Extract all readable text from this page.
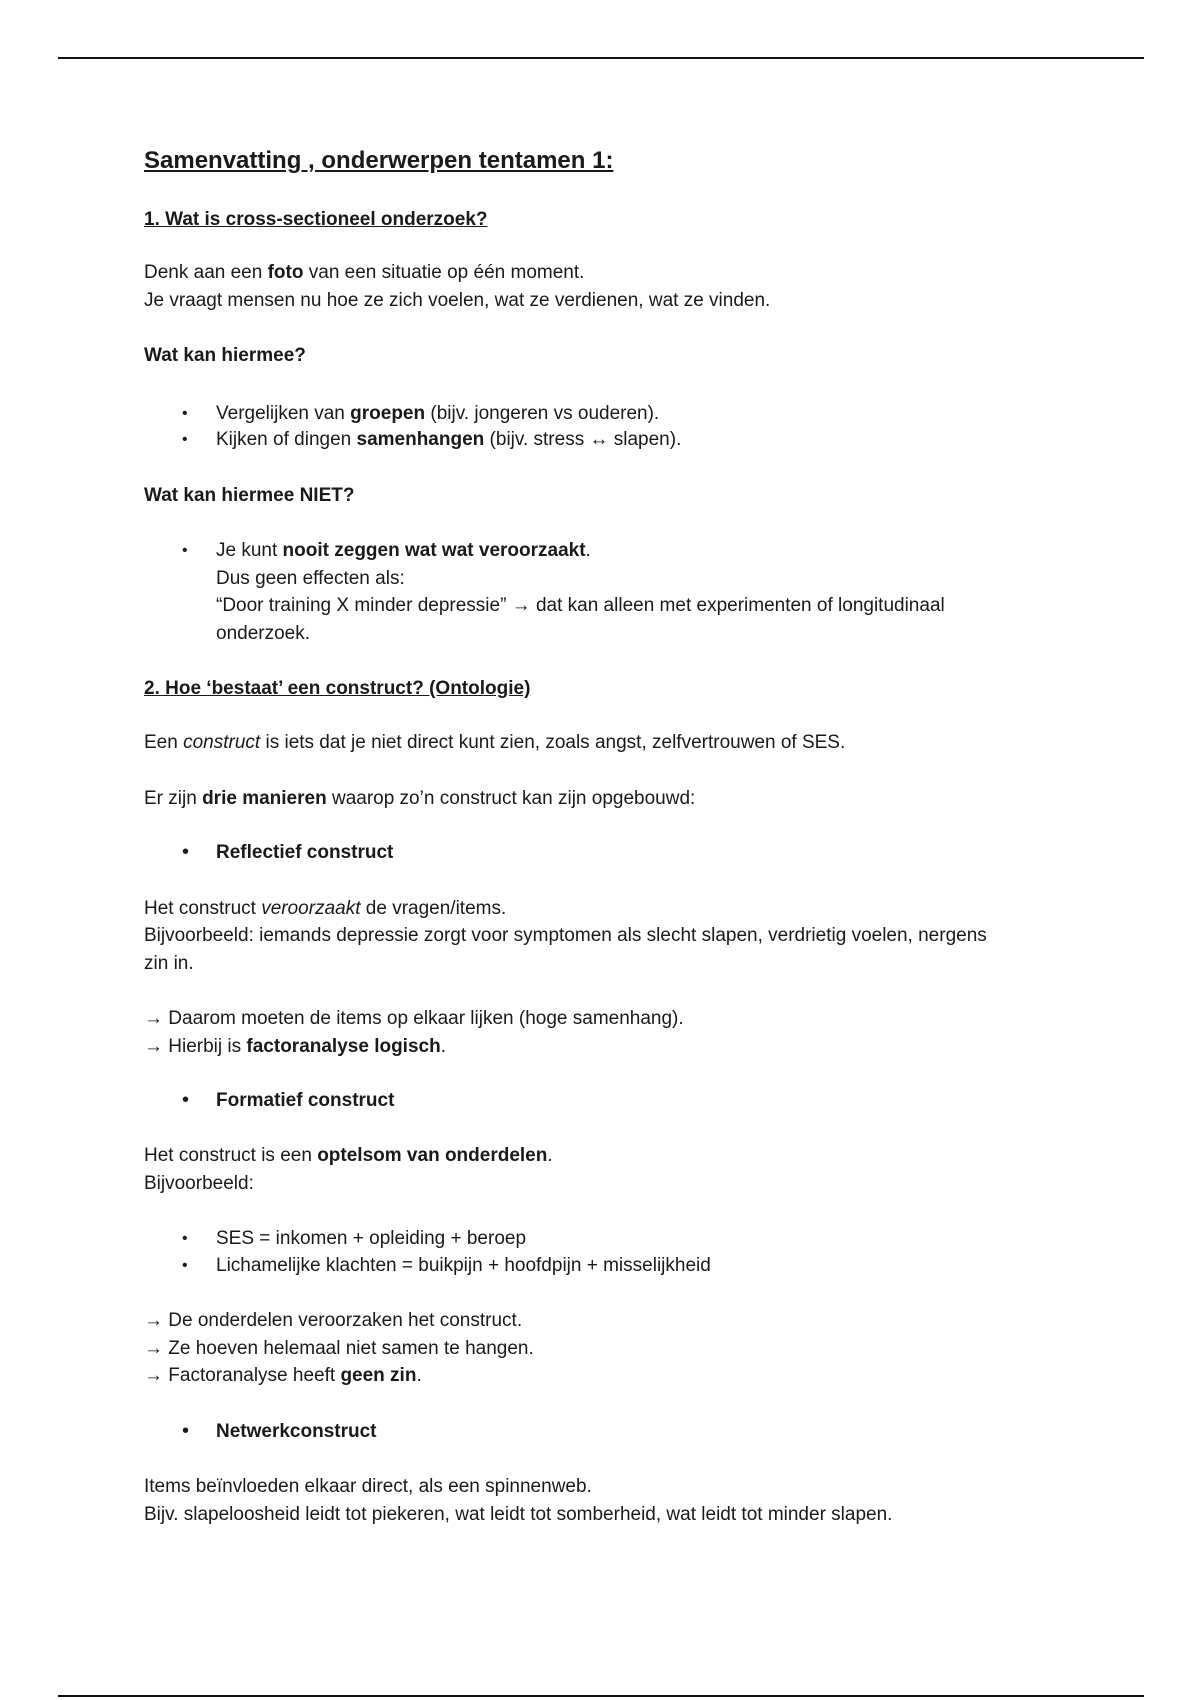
Samenvatting , onderwerpen tentamen 1:
1. Wat is cross-sectioneel onderzoek?
Denk aan een foto van een situatie op één moment.
Je vraagt mensen nu hoe ze zich voelen, wat ze verdienen, wat ze vinden.
Wat kan hiermee?
• Vergelijken van groepen (bijv. jongeren vs ouderen).
• Kijken of dingen samenhangen (bijv. stress ↔ slapen).
Wat kan hiermee NIET?
• Je kunt nooit zeggen wat wat veroorzaakt.
Dus geen effecten als:
“Door training X minder depressie” → dat kan alleen met experimenten of longitudinaal
onderzoek.
2. Hoe ‘bestaat’ een construct? (Ontologie)
Een construct is iets dat je niet direct kunt zien, zoals angst, zelfvertrouwen of SES.
Er zijn drie manieren waarop zo’n construct kan zijn opgebouwd:
• Reflectief construct
Het construct veroorzaakt de vragen/items.
Bijvoorbeeld: iemands depressie zorgt voor symptomen als slecht slapen, verdrietig voelen, nergens
zin in.
→ Daarom moeten de items op elkaar lijken (hoge samenhang).
→ Hierbij is factoranalyse logisch.
• Formatief construct
Het construct is een optelsom van onderdelen.
Bijvoorbeeld:
• SES = inkomen + opleiding + beroep
• Lichamelijke klachten = buikpijn + hoofdpijn + misselijkheid
→ De onderdelen veroorzaken het construct.
→ Ze hoeven helemaal niet samen te hangen.
→ Factoranalyse heeft geen zin.
• Netwerkconstruct
Items beïnvloeden elkaar direct, als een spinnenweb.
Bijv. slapeloosheid leidt tot piekeren, wat leidt tot somberheid, wat leidt tot minder slapen.
